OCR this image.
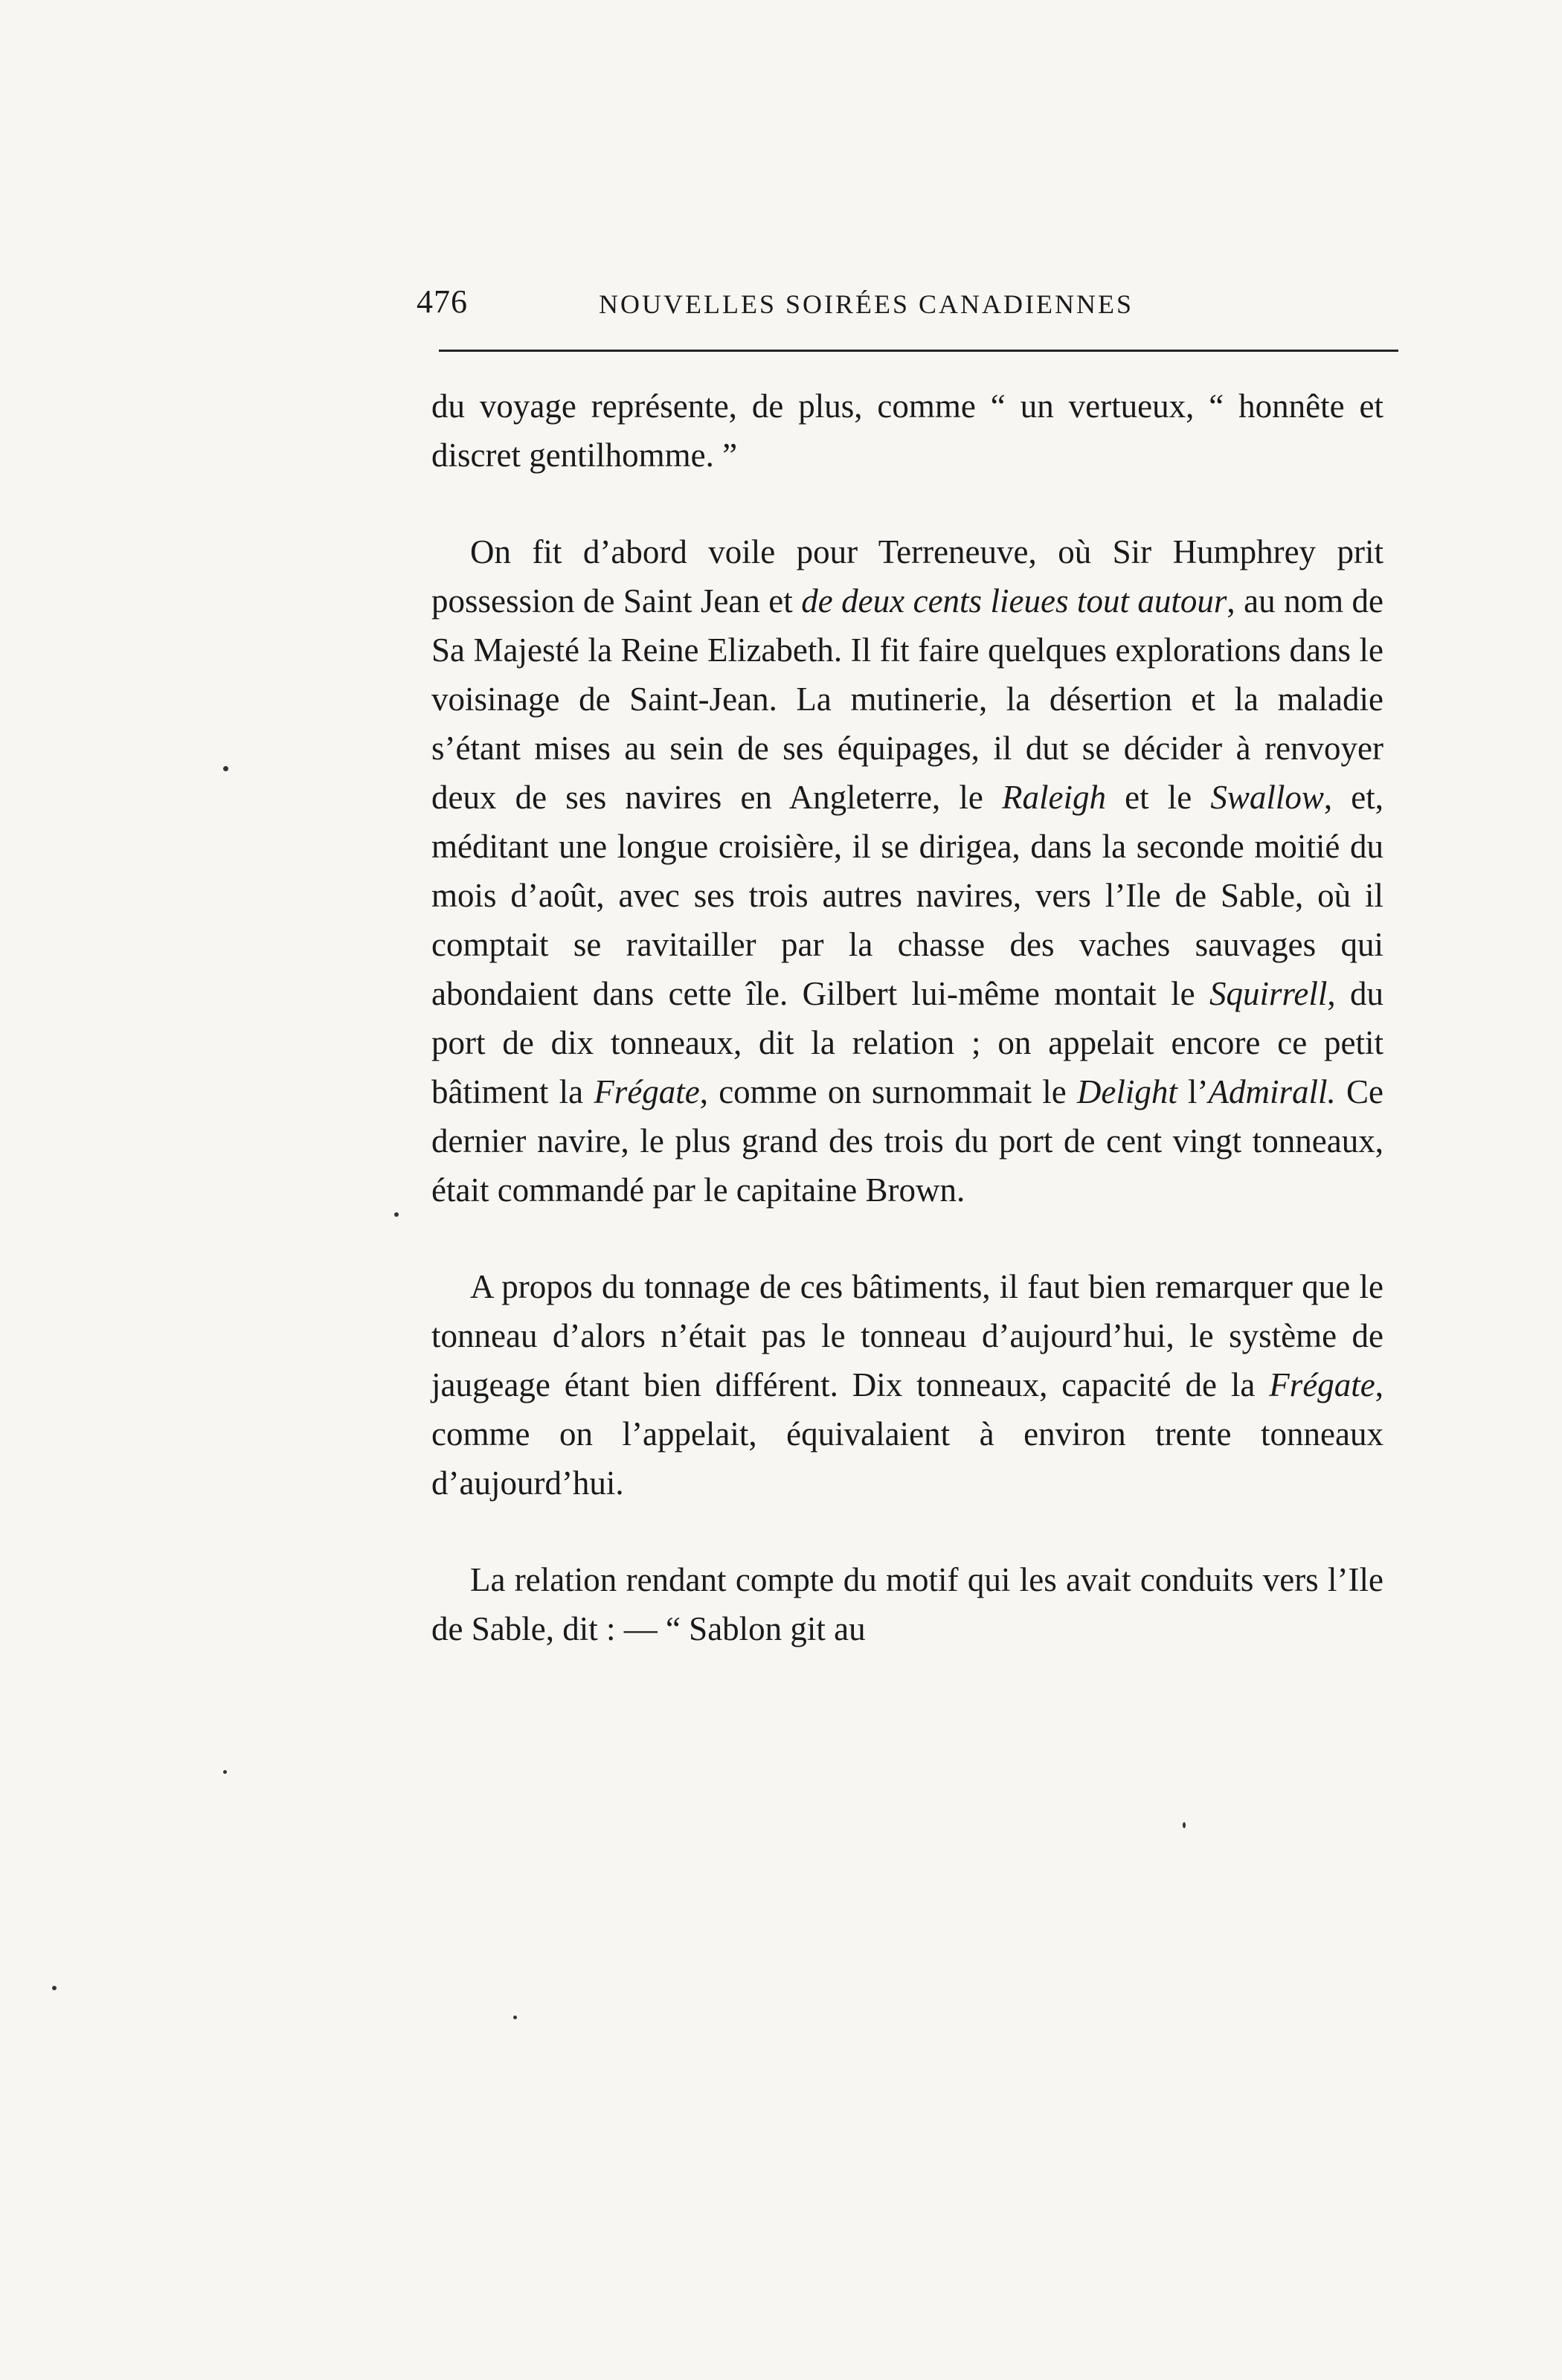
476	NOUVELLES SOIRÉES CANADIENNES

du voyage représente, de plus, comme “ un vertueux, “ honnête et discret gentilhomme. ”

On fit d’abord voile pour Terreneuve, où Sir Humphrey prit possession de Saint Jean et de deux cents lieues tout autour, au nom de Sa Majesté la Reine Elizabeth. Il fit faire quelques explorations dans le voisinage de Saint-Jean. La mutinerie, la désertion et la maladie s’étant mises au sein de ses équipages, il dut se décider à renvoyer deux de ses navires en Angleterre, le Raleigh et le Swallow, et, méditant une longue croisière, il se dirigea, dans la seconde moitié du mois d’août, avec ses trois autres navires, vers l’Ile de Sable, où il comptait se ravitailler par la chasse des vaches sauvages qui abondaient dans cette île. Gilbert lui-même montait le Squirrell, du port de dix tonneaux, dit la relation ; on appelait encore ce petit bâtiment la Frégate, comme on surnommait le Delight l’Admirall. Ce dernier navire, le plus grand des trois du port de cent vingt tonneaux, était commandé par le capitaine Brown.

A propos du tonnage de ces bâtiments, il faut bien remarquer que le tonneau d’alors n’était pas le tonneau d’aujourd’hui, le système de jaugeage étant bien différent. Dix tonneaux, capacité de la Frégate, comme on l’appelait, équivalaient à environ trente tonneaux d’aujourd’hui.

La relation rendant compte du motif qui les avait conduits vers l’Ile de Sable, dit : — “ Sablon git au
